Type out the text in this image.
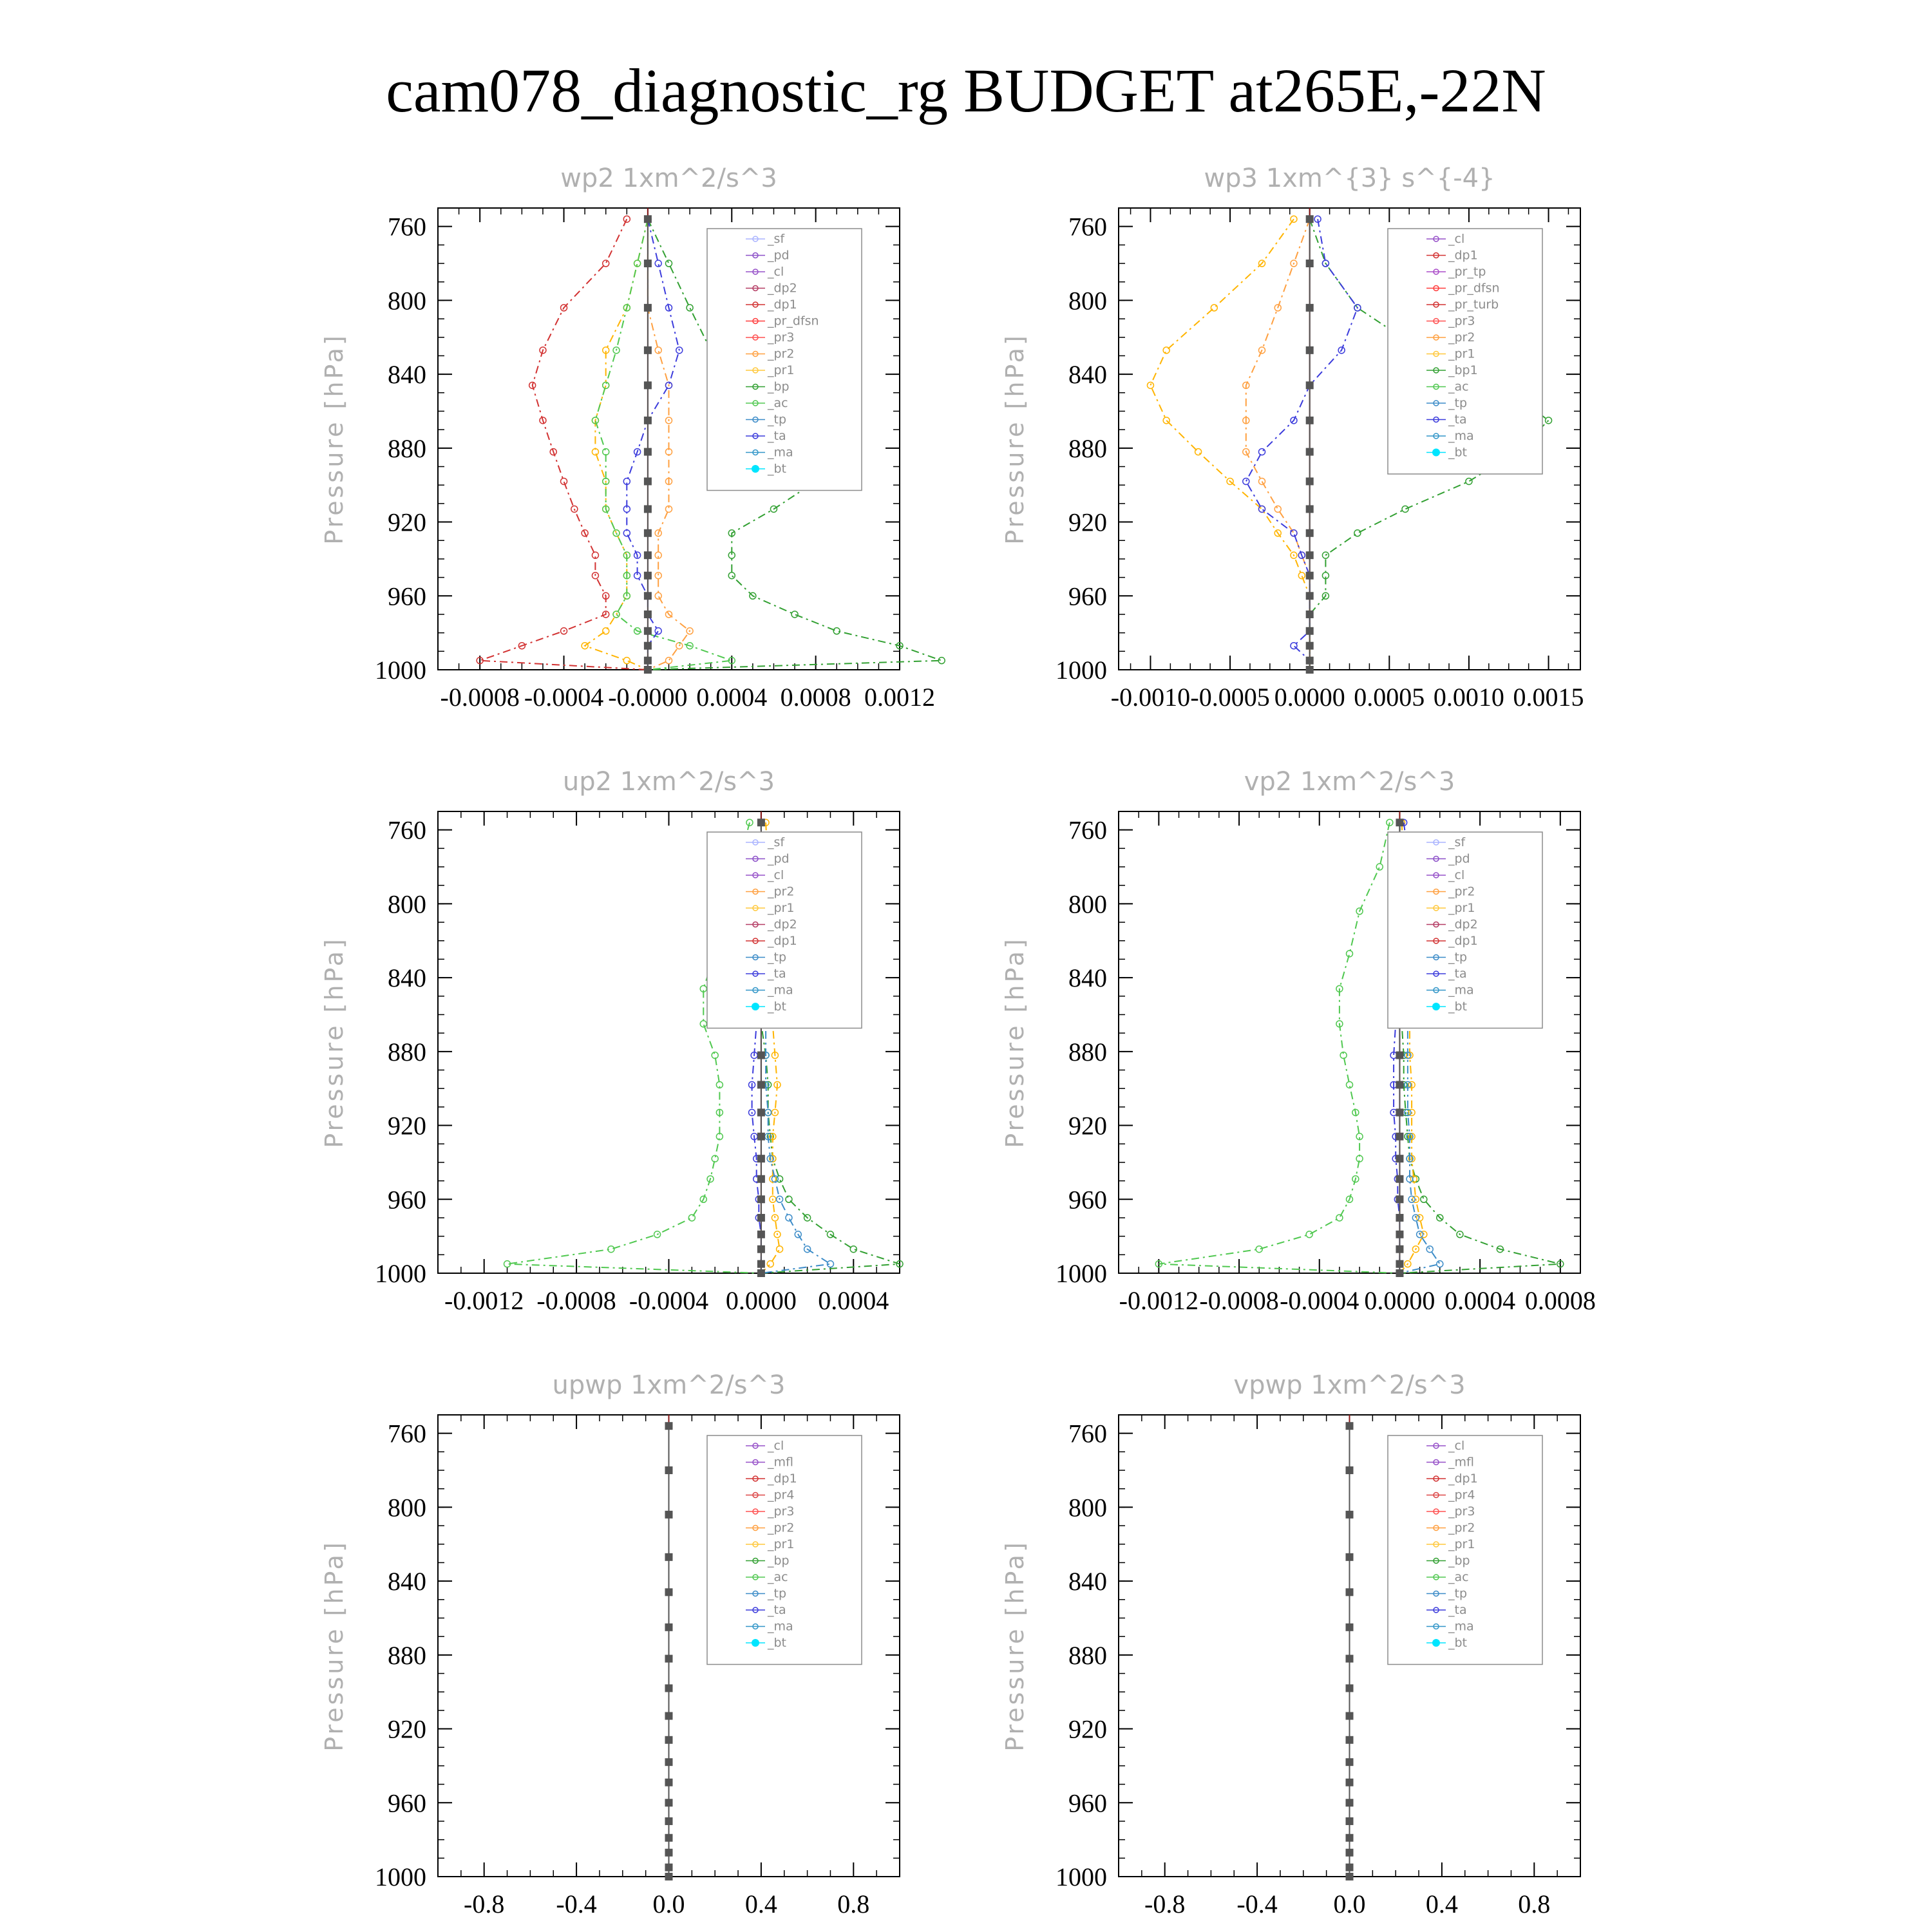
cam078_diagnostic_rg BUDGET at265E,-22N
wp2 1xm^2/s^3
Pressure [hPa]
760
800
840
880
920
960
1000
-0.0008 -0.0004 -0.0000 0.0004 0.0008 0.0012
_sf
_pd
_cl
_dp2
_dp1
_pr_dfsn
_pr3
_pr2
_pr1
_bp
_ac
_tp
_ta
_ma
_bt
wp3 1xm^{3} s^{-4}
Pressure [hPa]
760
800
840
880
920
960
1000
-0.0010 -0.0005 0.0000 0.0005 0.0010 0.0015
_cl
_dp1
_pr_tp
_pr_dfsn
_pr_turb
_pr3
_pr2
_pr1
_bp1
_ac
_tp
_ta
_ma
_bt
up2 1xm^2/s^3
Pressure [hPa]
760
800
840
880
920
960
1000
-0.0012 -0.0008 -0.0004 0.0000 0.0004
_sf
_pd
_cl
_pr2
_pr1
_dp2
_dp1
_tp
_ta
_ma
_bt
vp2 1xm^2/s^3
Pressure [hPa]
760
800
840
880
920
960
1000
-0.0012 -0.0008 -0.0004 0.0000 0.0004 0.0008
_sf
_pd
_cl
_pr2
_pr1
_dp2
_dp1
_tp
_ta
_ma
_bt
upwp 1xm^2/s^3
Pressure [hPa]
760
800
840
880
920
960
1000
-0.8 -0.4 0.0 0.4 0.8
_cl
_mfl
_dp1
_pr4
_pr3
_pr2
_pr1
_bp
_ac
_tp
_ta
_ma
_bt
vpwp 1xm^2/s^3
Pressure [hPa]
760
800
840
880
920
960
1000
-0.8 -0.4 0.0 0.4 0.8
_cl
_mfl
_dp1
_pr4
_pr3
_pr2
_pr1
_bp
_ac
_tp
_ta
_ma
_bt
